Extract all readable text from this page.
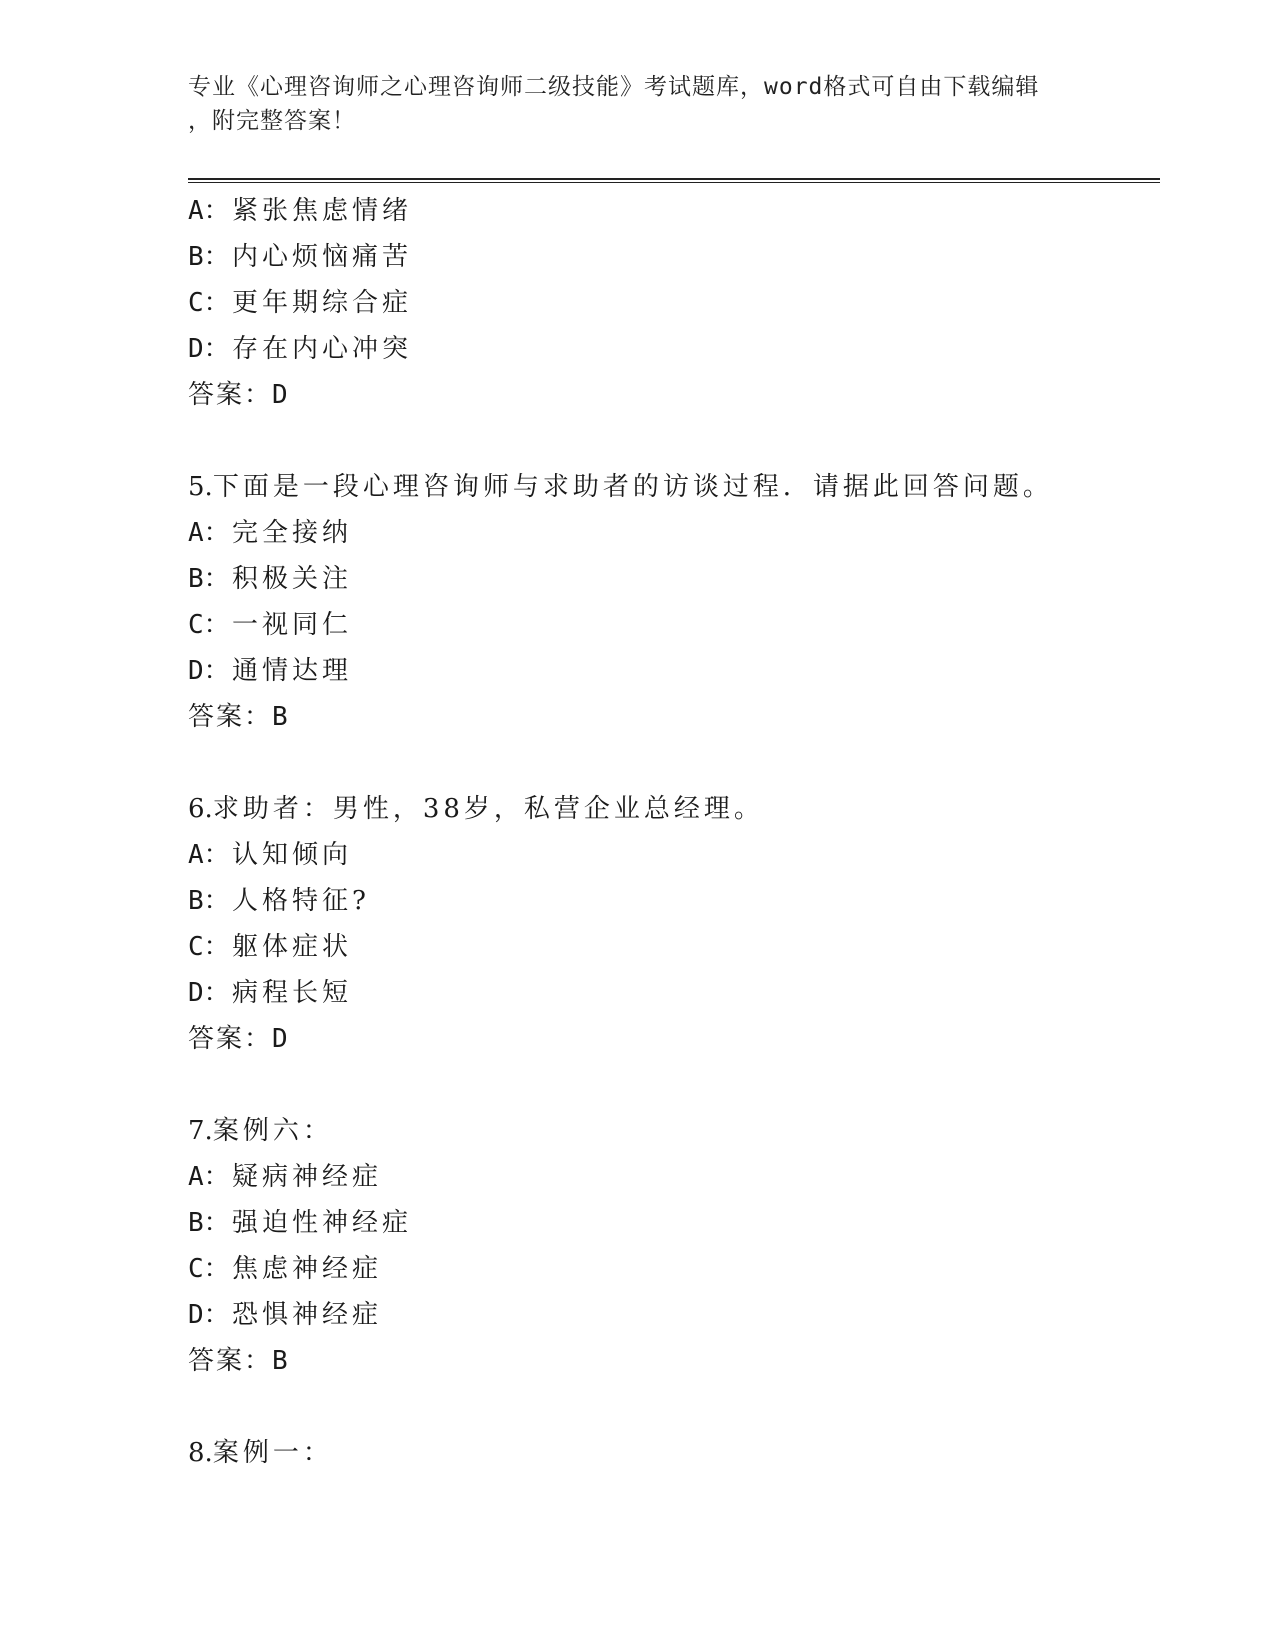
专业《心理咨询师之心理咨询师二级技能》考试题库，word格式可自由下载编辑
，附完整答案！
A：紧张焦虑情绪
B：内心烦恼痛苦
C：更年期综合症
D：存在内心冲突
答案：D
5.下面是一段心理咨询师与求助者的访谈过程．请据此回答问题。
A：完全接纳
B：积极关注
C：一视同仁
D：通情达理
答案：B
6.求助者：男性，38岁，私营企业总经理。
A：认知倾向
B：人格特征?
C：躯体症状
D：病程长短
答案：D
7.案例六：
A：疑病神经症
B：强迫性神经症
C：焦虑神经症
D：恐惧神经症
答案：B
8.案例一：
